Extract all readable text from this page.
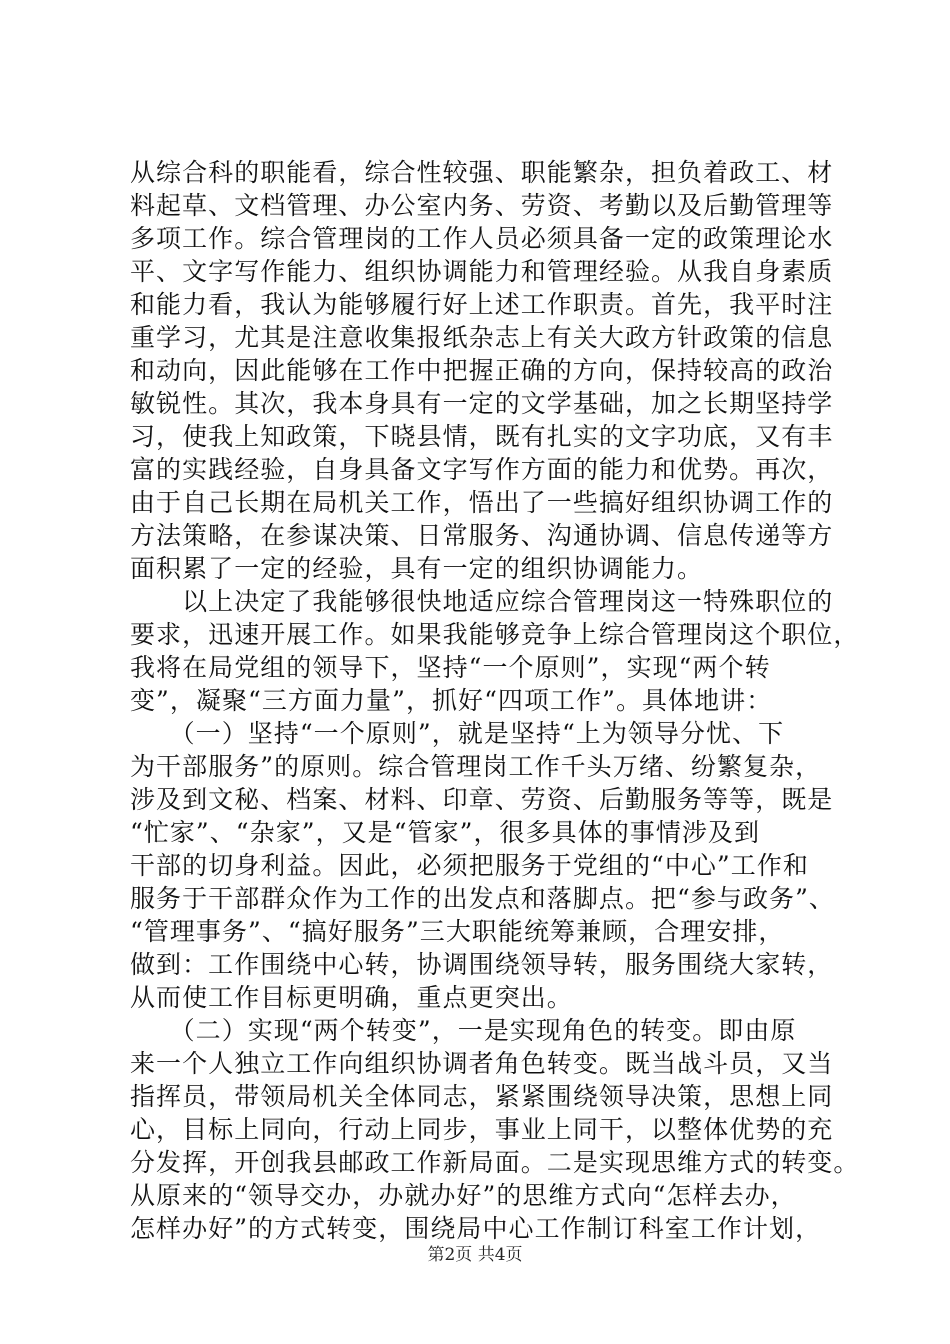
从综合科的职能看，综合性较强、职能繁杂，担负着政工、材
料起草、文档管理、办公室内务、劳资、考勤以及后勤管理等
多项工作。综合管理岗的工作人员必须具备一定的政策理论水
平、文字写作能力、组织协调能力和管理经验。从我自身素质
和能力看，我认为能够履行好上述工作职责。首先，我平时注
重学习，尤其是注意收集报纸杂志上有关大政方针政策的信息
和动向，因此能够在工作中把握正确的方向，保持较高的政治
敏锐性。其次，我本身具有一定的文学基础，加之长期坚持学
习，使我上知政策，下晓县情，既有扎实的文字功底，又有丰
富的实践经验，自身具备文字写作方面的能力和优势。再次，
由于自己长期在局机关工作，悟出了一些搞好组织协调工作的
方法策略，在参谋决策、日常服务、沟通协调、信息传递等方
面积累了一定的经验，具有一定的组织协调能力。
　　以上决定了我能够很快地适应综合管理岗这一特殊职位的
要求，迅速开展工作。如果我能够竞争上综合管理岗这个职位，
我将在局党组的领导下，坚持“一个原则”，实现“两个转
变”，凝聚“三方面力量”，抓好“四项工作”。具体地讲：
　　（一）坚持“一个原则”，就是坚持“上为领导分忧、下
为干部服务”的原则。综合管理岗工作千头万绪、纷繁复杂，
涉及到文秘、档案、材料、印章、劳资、后勤服务等等，既是
“忙家”、“杂家”，又是“管家”，很多具体的事情涉及到
干部的切身利益。因此，必须把服务于党组的“中心”工作和
服务于干部群众作为工作的出发点和落脚点。把“参与政务”、
“管理事务”、“搞好服务”三大职能统筹兼顾，合理安排，
做到：工作围绕中心转，协调围绕领导转，服务围绕大家转，
从而使工作目标更明确，重点更突出。
　　（二）实现“两个转变”，一是实现角色的转变。即由原
来一个人独立工作向组织协调者角色转变。既当战斗员，又当
指挥员，带领局机关全体同志，紧紧围绕领导决策，思想上同
心，目标上同向，行动上同步，事业上同干，以整体优势的充
分发挥，开创我县邮政工作新局面。二是实现思维方式的转变。
从原来的“领导交办，办就办好”的思维方式向“怎样去办，
怎样办好”的方式转变，围绕局中心工作制订科室工作计划，
第2页 共4页
